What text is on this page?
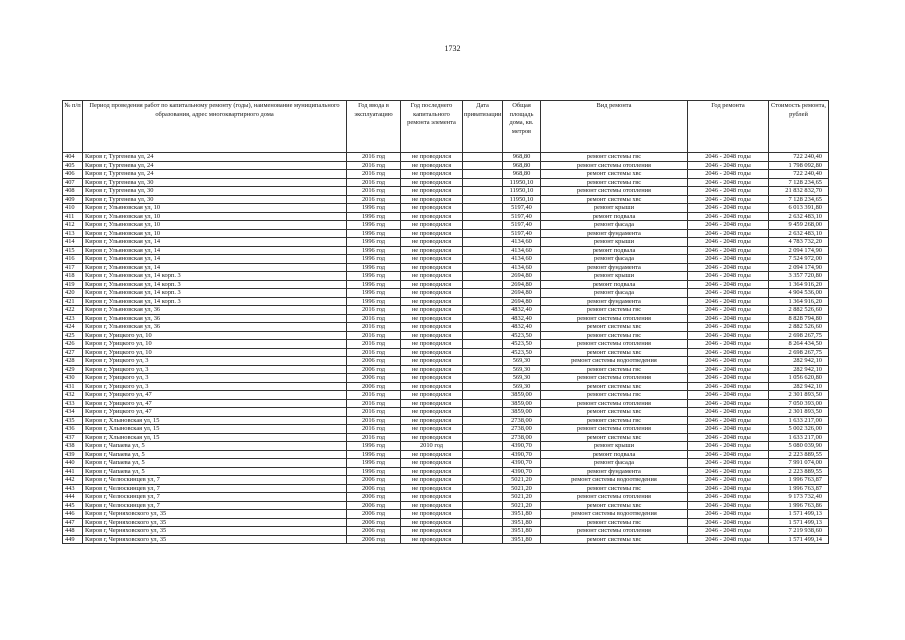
1732
№ п/п	Период проведения работ по капитальному ремонту (годы), наименование муниципального образования, адрес многоквартирного дома	Год ввода в эксплуатацию	Год последнего капитального ремонта элемента	Дата приватизации	Общая площадь дома, кв. метров	Вид ремонта	Год ремонта	Стоимость ремонта, рублей
404	Киров г, Тургенева ул, 24	2016 год	не проводился		968,80	ремонт системы гвс	2046 - 2048 годы	722 240,40
405	Киров г, Тургенева ул, 24	2016 год	не проводился		968,80	ремонт системы отопления	2046 - 2048 годы	1 798 092,80
406	Киров г, Тургенева ул, 24	2016 год	не проводился		968,80	ремонт системы хвс	2046 - 2048 годы	722 240,40
407	Киров г, Тургенева ул, 30	2016 год	не проводился		11950,10	ремонт системы гвс	2046 - 2048 годы	7 128 234,65
408	Киров г, Тургенева ул, 30	2016 год	не проводился		11950,10	ремонт системы отопления	2046 - 2048 годы	21 832 832,70
409	Киров г, Тургенева ул, 30	2016 год	не проводился		11950,10	ремонт системы хвс	2046 - 2048 годы	7 128 234,65
410	Киров г, Ульяновская ул, 10	1996 год	не проводился		5197,40	ремонт крыши	2046 - 2048 годы	6 013 391,80
411	Киров г, Ульяновская ул, 10	1996 год	не проводился		5197,40	ремонт подвала	2046 - 2048 годы	2 632 483,10
412	Киров г, Ульяновская ул, 10	1996 год	не проводился		5197,40	ремонт фасада	2046 - 2048 годы	9 459 268,00
413	Киров г, Ульяновская ул, 10	1996 год	не проводился		5197,40	ремонт фундамента	2046 - 2048 годы	2 632 483,10
414	Киров г, Ульяновская ул, 14	1996 год	не проводился		4134,60	ремонт крыши	2046 - 2048 годы	4 783 732,20
415	Киров г, Ульяновская ул, 14	1996 год	не проводился		4134,60	ремонт подвала	2046 - 2048 годы	2 094 174,90
416	Киров г, Ульяновская ул, 14	1996 год	не проводился		4134,60	ремонт фасада	2046 - 2048 годы	7 524 972,00
417	Киров г, Ульяновская ул, 14	1996 год	не проводился		4134,60	ремонт фундамента	2046 - 2048 годы	2 094 174,90
418	Киров г, Ульяновская ул, 14 корп. 3	1996 год	не проводился		2694,80	ремонт крыши	2046 - 2048 годы	3 357 720,80
419	Киров г, Ульяновская ул, 14 корп. 3	1996 год	не проводился		2694,80	ремонт подвала	2046 - 2048 годы	1 364 916,20
420	Киров г, Ульяновская ул, 14 корп. 3	1996 год	не проводился		2694,80	ремонт фасада	2046 - 2048 годы	4 904 536,00
421	Киров г, Ульяновская ул, 14 корп. 3	1996 год	не проводился		2694,80	ремонт фундамента	2046 - 2048 годы	1 364 916,20
422	Киров г, Ульяновская ул, 36	2016 год	не проводился		4832,40	ремонт системы гвс	2046 - 2048 годы	2 882 526,60
423	Киров г, Ульяновская ул, 36	2016 год	не проводился		4832,40	ремонт системы отопления	2046 - 2048 годы	8 828 794,80
424	Киров г, Ульяновская ул, 36	2016 год	не проводился		4832,40	ремонт системы хвс	2046 - 2048 годы	2 882 526,60
425	Киров г, Урицкого ул, 10	2016 год	не проводился		4523,50	ремонт системы гвс	2046 - 2048 годы	2 698 267,75
426	Киров г, Урицкого ул, 10	2016 год	не проводился		4523,50	ремонт системы отопления	2046 - 2048 годы	8 264 434,50
427	Киров г, Урицкого ул, 10	2016 год	не проводился		4523,50	ремонт системы хвс	2046 - 2048 годы	2 698 267,75
428	Киров г, Урицкого ул, 3	2006 год	не проводился		569,30	ремонт системы водоотведения	2046 - 2048 годы	282 942,10
429	Киров г, Урицкого ул, 3	2006 год	не проводился		569,30	ремонт системы гвс	2046 - 2048 годы	282 942,10
430	Киров г, Урицкого ул, 3	2006 год	не проводился		569,30	ремонт системы отопления	2046 - 2048 годы	1 056 620,80
431	Киров г, Урицкого ул, 3	2006 год	не проводился		569,30	ремонт системы хвс	2046 - 2048 годы	282 942,10
432	Киров г, Урицкого ул, 47	2016 год	не проводился		3859,00	ремонт системы гвс	2046 - 2048 годы	2 301 893,50
433	Киров г, Урицкого ул, 47	2016 год	не проводился		3859,00	ремонт системы отопления	2046 - 2048 годы	7 050 393,00
434	Киров г, Урицкого ул, 47	2016 год	не проводился		3859,00	ремонт системы хвс	2046 - 2048 годы	2 301 893,50
435	Киров г, Хлыновская ул, 15	2016 год	не проводился		2738,00	ремонт системы гвс	2046 - 2048 годы	1 633 217,00
436	Киров г, Хлыновская ул, 15	2016 год	не проводился		2738,00	ремонт системы отопления	2046 - 2048 годы	5 002 326,00
437	Киров г, Хлыновская ул, 15	2016 год	не проводился		2738,00	ремонт системы хвс	2046 - 2048 годы	1 633 217,00
438	Киров г, Чапаева ул, 5	1996 год	2010 год		4390,70	ремонт крыши	2046 - 2048 годы	5 080 039,90
439	Киров г, Чапаева ул, 5	1996 год	не проводился		4390,70	ремонт подвала	2046 - 2048 годы	2 223 889,55
440	Киров г, Чапаева ул, 5	1996 год	не проводился		4390,70	ремонт фасада	2046 - 2048 годы	7 991 074,00
441	Киров г, Чапаева ул, 5	1996 год	не проводился		4390,70	ремонт фундамента	2046 - 2048 годы	2 223 889,55
442	Киров г, Челюскинцев ул, 7	2006 год	не проводился		5021,20	ремонт системы водоотведения	2046 - 2048 годы	1 996 763,87
443	Киров г, Челюскинцев ул, 7	2006 год	не проводился		5021,20	ремонт системы гвс	2046 - 2048 годы	1 996 763,87
444	Киров г, Челюскинцев ул, 7	2006 год	не проводился		5021,20	ремонт системы отопления	2046 - 2048 годы	9 173 732,40
445	Киров г, Челюскинцев ул, 7	2006 год	не проводился		5021,20	ремонт системы хвс	2046 - 2048 годы	1 996 763,86
446	Киров г, Черняховского ул, 35	2006 год	не проводился		3951,80	ремонт системы водоотведения	2046 - 2048 годы	1 571 499,13
447	Киров г, Черняховского ул, 35	2006 год	не проводился		3951,80	ремонт системы гвс	2046 - 2048 годы	1 571 499,13
448	Киров г, Черняховского ул, 35	2006 год	не проводился		3951,80	ремонт системы отопления	2046 - 2048 годы	7 219 938,60
449	Киров г, Черняховского ул, 35	2006 год	не проводился		3951,80	ремонт системы хвс	2046 - 2048 годы	1 571 499,14
